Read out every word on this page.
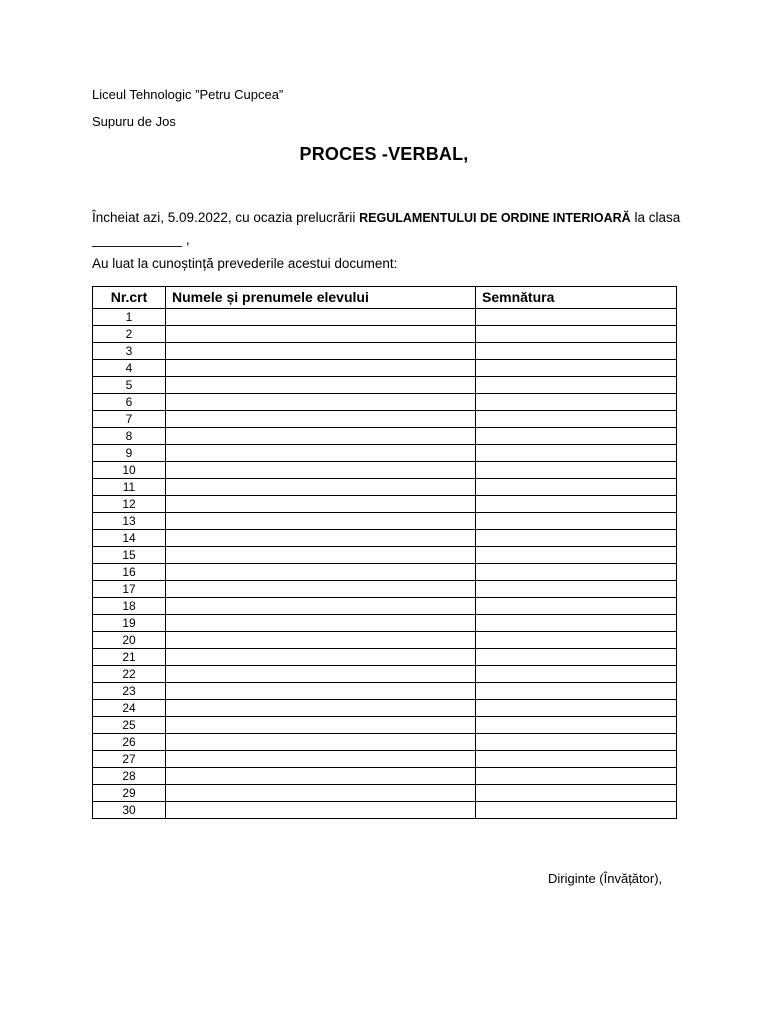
Liceul Tehnologic ”Petru Cupcea”
Supuru de Jos
PROCES -VERBAL,
Încheiat azi, 5.09.2022, cu ocazia prelucrării REGULAMENTULUI DE ORDINE INTERIOARĂ la clasa ____________ ,
Au luat la cunoștință prevederile acestui document:
Nr.crt	Numele și prenumele elevului	Semnătura
1		
2		
3		
4		
5		
6		
7		
8		
9		
10		
11		
12		
13		
14		
15		
16		
17		
18		
19		
20		
21		
22		
23		
24		
25		
26		
27		
28		
29		
30		
Diriginte (Învățător),
